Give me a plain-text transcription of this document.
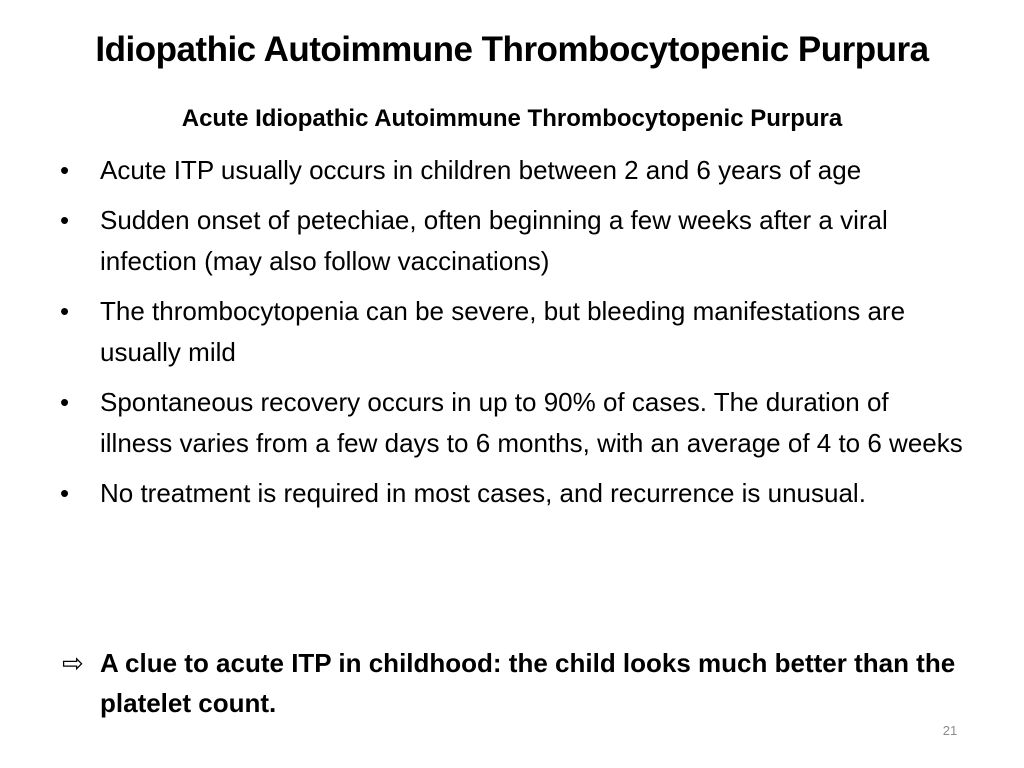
Idiopathic Autoimmune Thrombocytopenic Purpura
Acute Idiopathic Autoimmune Thrombocytopenic Purpura
•	Acute ITP usually occurs in children between 2 and 6 years of age
•	Sudden onset of petechiae, often beginning a few weeks after a viral infection (may also follow vaccinations)
•	The thrombocytopenia can be severe, but bleeding manifestations are usually mild
•	Spontaneous recovery occurs in up to 90% of cases. The duration of illness varies from a few days to 6 months, with an average of 4 to 6 weeks
•	No treatment is required in most cases, and recurrence is unusual.
⇨ A clue to acute ITP in childhood: the child looks much better than the platelet count.
21
